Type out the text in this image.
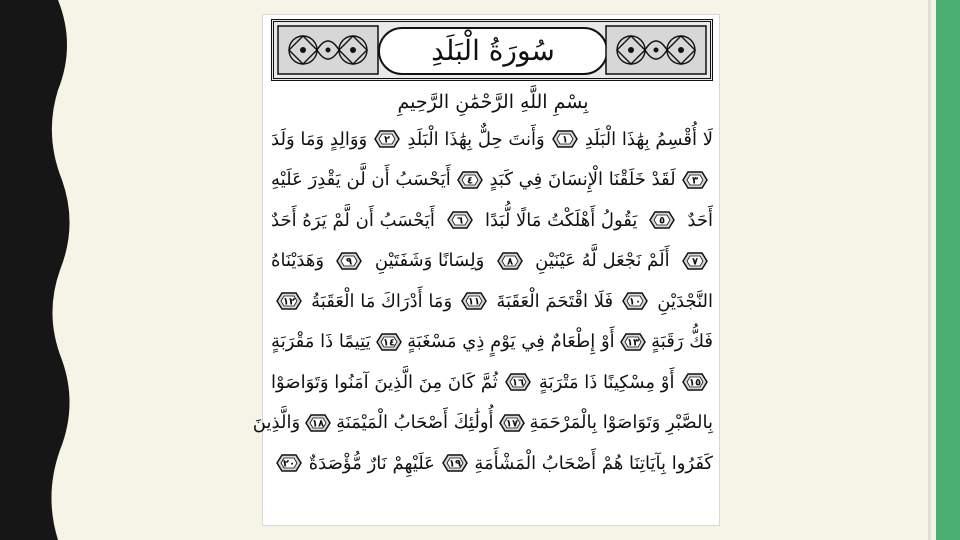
سُورَةُ الْبَلَدِ
بِسْمِ اللَّهِ الرَّحْمَٰنِ الرَّحِيمِ
لَا أُقْسِمُ بِهَٰذَا الْبَلَدِ
١
وَأَنتَ حِلٌّ بِهَٰذَا الْبَلَدِ
٢
وَوَالِدٍ وَمَا وَلَدَ
٣
لَقَدْ خَلَقْنَا الْإِنسَانَ فِي كَبَدٍ
٤
أَيَحْسَبُ أَن لَّن يَقْدِرَ عَلَيْهِ
أَحَدٌ
٥
يَقُولُ أَهْلَكْتُ مَالًا لُّبَدًا
٦
أَيَحْسَبُ أَن لَّمْ يَرَهُ أَحَدٌ
٧
أَلَمْ نَجْعَل لَّهُ عَيْنَيْنِ
٨
وَلِسَانًا وَشَفَتَيْنِ
٩
وَهَدَيْنَاهُ
النَّجْدَيْنِ
١٠
فَلَا اقْتَحَمَ الْعَقَبَةَ
١١
وَمَا أَدْرَاكَ مَا الْعَقَبَةُ
١٢
فَكُّ رَقَبَةٍ
١٣
أَوْ إِطْعَامٌ فِي يَوْمٍ ذِي مَسْغَبَةٍ
١٤
يَتِيمًا ذَا مَقْرَبَةٍ
١٥
أَوْ مِسْكِينًا ذَا مَتْرَبَةٍ
١٦
ثُمَّ كَانَ مِنَ الَّذِينَ آمَنُوا وَتَوَاصَوْا
بِالصَّبْرِ وَتَوَاصَوْا بِالْمَرْحَمَةِ
١٧
أُولَٰئِكَ أَصْحَابُ الْمَيْمَنَةِ
١٨
وَالَّذِينَ
كَفَرُوا بِآيَاتِنَا هُمْ أَصْحَابُ الْمَشْأَمَةِ
١٩
عَلَيْهِمْ نَارٌ مُّؤْصَدَةٌ
٢٠
